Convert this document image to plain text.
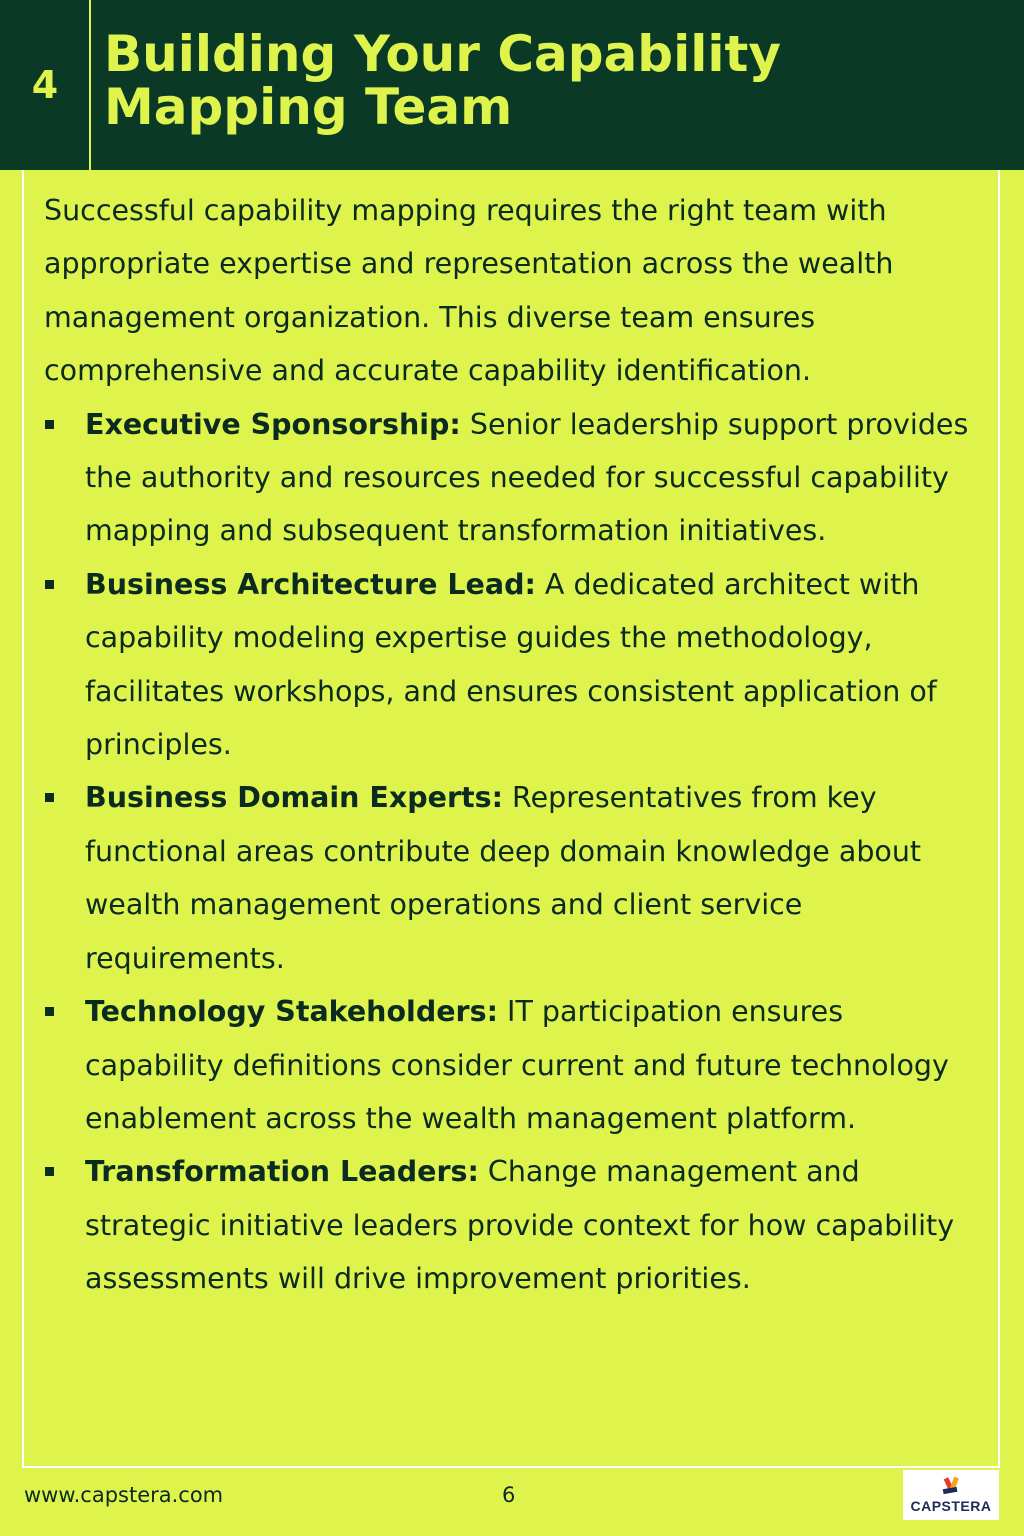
4
Building Your Capability Mapping Team

Successful capability mapping requires the right team with appropriate expertise and representation across the wealth management organization. This diverse team ensures comprehensive and accurate capability identification.

Executive Sponsorship: Senior leadership support provides the authority and resources needed for successful capability mapping and subsequent transformation initiatives.
Business Architecture Lead: A dedicated architect with capability modeling expertise guides the methodology, facilitates workshops, and ensures consistent application of principles.
Business Domain Experts: Representatives from key functional areas contribute deep domain knowledge about wealth management operations and client service requirements.
Technology Stakeholders: IT participation ensures capability definitions consider current and future technology enablement across the wealth management platform.
Transformation Leaders: Change management and strategic initiative leaders provide context for how capability assessments will drive improvement priorities.
www.capstera.com	6	CAPSTERA
